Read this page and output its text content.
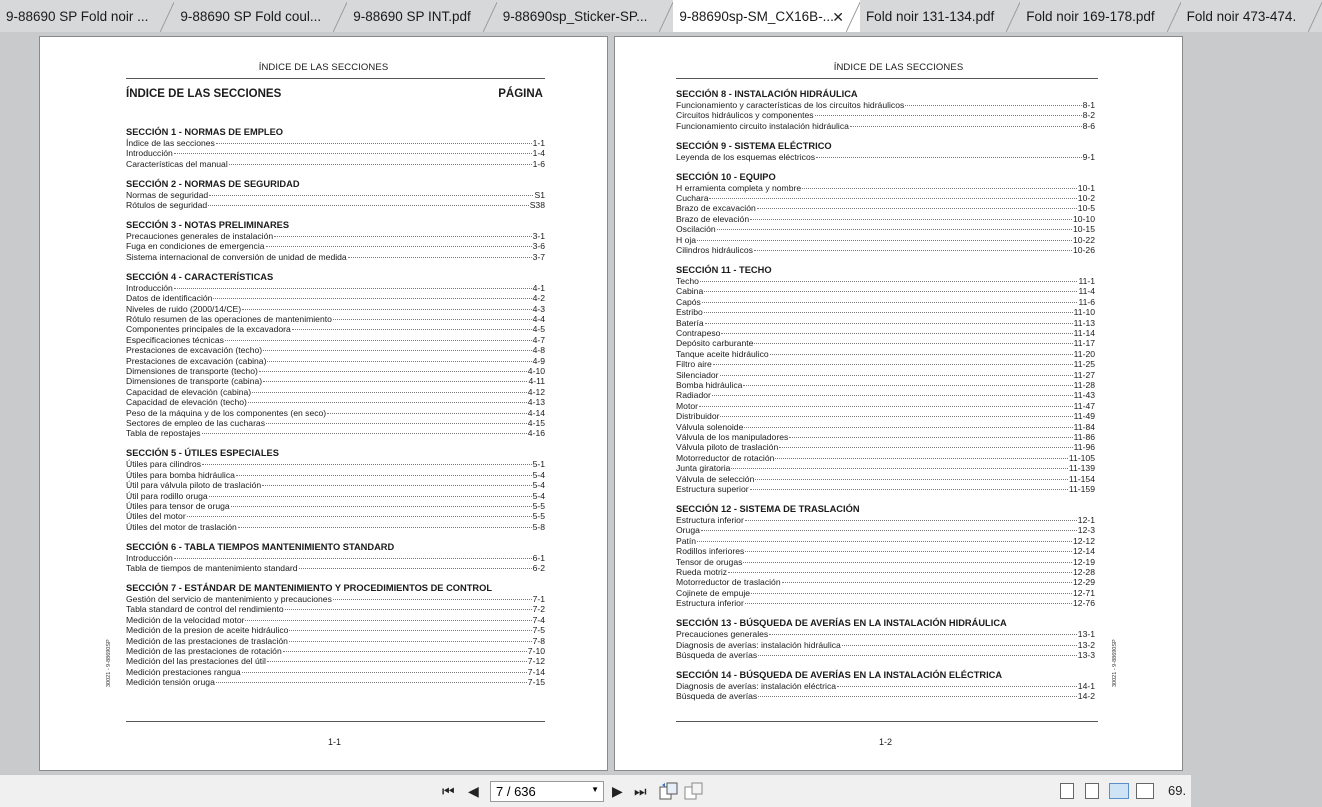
9-88690 SP Fold noir ... 9-88690 SP Fold coul... 9-88690 SP INT.pdf 9-88690sp_Sticker-SP... 9-88690sp-SM_CX16B-...
✕ Fold noir 131-134.pdf Fold noir 169-178.pdf Fold noir 473-474.
ÍNDICE DE LAS SECCIONES
ÍNDICE DE LAS SECCIONES	PÁGINA
SECCIÓN 1 - NORMAS DE EMPLEO
Índice de las secciones	1-1
Introducción	1-4
Características del manual	1-6
SECCIÓN 2 - NORMAS DE SEGURIDAD
Normas de seguridad	S1
Rótulos de seguridad	S38
SECCIÓN 3 - NOTAS PRELIMINARES
Precauciones generales de instalación	3-1
Fuga en condiciones de emergencia	3-6
Sistema internacional de conversión de unidad de medida	3-7
SECCIÓN 4 - CARACTERÍSTICAS
Introducción	4-1
Datos de identificación	4-2
Niveles de ruido (2000/14/CE)	4-3
Rótulo resumen de las operaciones de mantenimiento	4-4
Componentes principales de la excavadora	4-5
Especificaciones técnicas	4-7
Prestaciones de excavación (techo)	4-8
Prestaciones de excavación (cabina)	4-9
Dimensiones de transporte (techo)	4-10
Dimensiones de transporte (cabina)	4-11
Capacidad de elevación (cabina)	4-12
Capacidad de elevación (techo)	4-13
Peso de la máquina y de los componentes (en seco)	4-14
Sectores de empleo de las cucharas	4-15
Tabla de repostajes	4-16
SECCIÓN 5 - ÚTILES ESPECIALES
Útiles para cilindros	5-1
Útiles para bomba hidráulica	5-4
Útil para válvula piloto de traslación	5-4
Útil para rodillo oruga	5-4
Útiles para tensor de oruga	5-5
Útiles del motor	5-5
Útiles del motor de traslación	5-8
SECCIÓN 6 - TABLA TIEMPOS MANTENIMIENTO STANDARD
Introducción	6-1
Tabla de tiempos de mantenimiento standard	6-2
SECCIÓN 7 - ESTÁNDAR DE MANTENIMIENTO Y PROCEDIMIENTOS DE CONTROL
Gestión del servicio de mantenimiento y precauciones	7-1
Tabla standard de control del rendimiento	7-2
Medición de la velocidad motor	7-4
Medición de la presion de aceite hidráulico	7-5
Medición de las prestaciones de traslación	7-8
Medición de las prestaciones de rotación	7-10
Medición del las prestaciones del útil	7-12
Medición prestaciones rangua	7-14
Medición tensión oruga	7-15
30021 - 9-88690SP
1-1
ÍNDICE DE LAS SECCIONES
SECCIÓN 8 - INSTALACIÓN HIDRÁULICA
Funcionamiento y características de los circuitos hidráulicos	8-1
Circuitos hidráulicos y componentes	8-2
Funcionamiento circuito instalación hidráulica	8-6
SECCIÓN 9 - SISTEMA ELÉCTRICO
Leyenda de los esquemas eléctricos	9-1
SECCIÓN 10 - EQUIPO
H erramienta completa y nombre	10-1
Cuchara	10-2
Brazo de excavación	10-5
Brazo de elevación	10-10
Oscilación	10-15
H oja	10-22
Cilindros hidráulicos	10-26
SECCIÓN 11 - TECHO
Techo	11-1
Cabina	11-4
Capós	11-6
Estribo	11-10
Batería	11-13
Contrapeso	11-14
Depósito carburante	11-17
Tanque aceite hidráulico	11-20
Filtro aire	11-25
Silenciador	11-27
Bomba hidráulica	11-28
Radiador	11-43
Motor	11-47
Distribuidor	11-49
Válvula solenoide	11-84
Válvula de los manipuladores	11-86
Válvula piloto de traslación	11-96
Motorreductor de rotación	11-105
Junta giratoria	11-139
Válvula de selección	11-154
Estructura superior	11-159
SECCIÓN 12 - SISTEMA DE TRASLACIÓN
Estructura inferior	12-1
Oruga	12-3
Patín	12-12
Rodillos inferiores	12-14
Tensor de orugas	12-19
Rueda motriz	12-28
Motorreductor de traslación	12-29
Cojinete de empuje	12-71
Estructura inferior	12-76
SECCIÓN 13 - BÚSQUEDA DE AVERÍAS EN LA INSTALACIÓN HIDRÁULICA
Precauciones generales	13-1
Diagnosis de averías: instalación hidráulica	13-2
Búsqueda de averías	13-3
SECCIÓN 14 - BÚSQUEDA DE AVERÍAS EN LA INSTALACIÓN ELÉCTRICA
Diagnosis de averías: instalación eléctrica	14-1
Búsqueda de averías	14-2
30021 - 9-88690SP
1-2
⏮ ◀	7 / 636	▼ ▶ ⏭	69.
